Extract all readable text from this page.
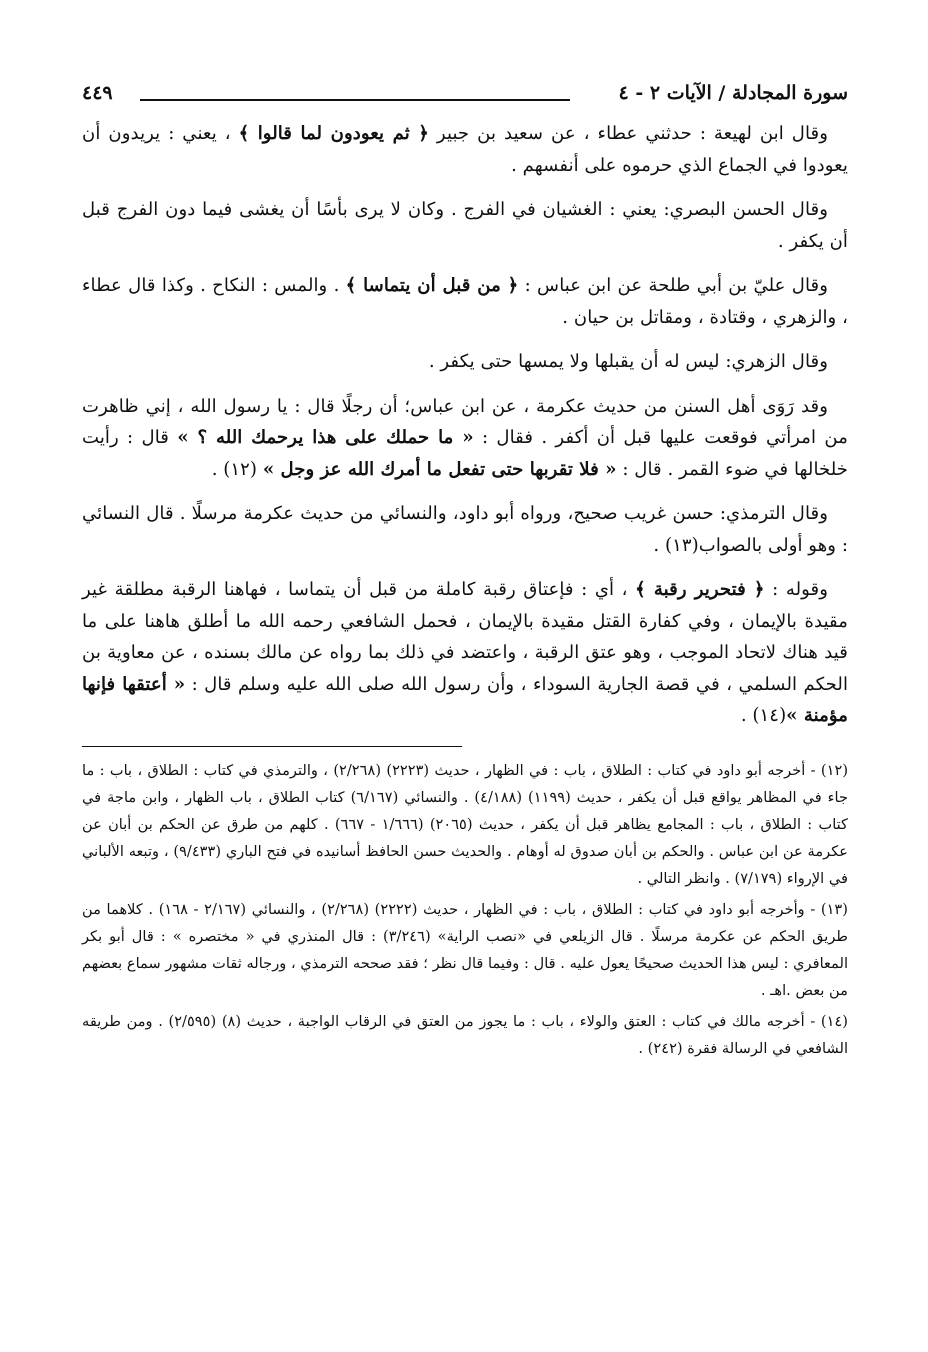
سورة المجادلة / الآيات ٢ - ٤
٤٤٩

وقال ابن لهيعة : حدثني عطاء ، عن سعيد بن جبير ﴿ ثم يعودون لما قالوا ﴾ ، يعني : يريدون أن يعودوا في الجماع الذي حرموه على أنفسهم .

وقال الحسن البصري: يعني : الغشيان في الفرج . وكان لا يرى بأسًا أن يغشى فيما دون الفرج قبل أن يكفر .

وقال عليّ بن أبي طلحة عن ابن عباس : ﴿ من قبل أن يتماسا ﴾ . والمس : النكاح . وكذا قال عطاء ، والزهري ، وقتادة ، ومقاتل بن حيان .

وقال الزهري: ليس له أن يقبلها ولا يمسها حتى يكفر .

وقد رَوَى أهل السنن من حديث عكرمة ، عن ابن عباس؛ أن رجلًا قال : يا رسول الله ، إني ظاهرت من امرأتي فوقعت عليها قبل أن أكفر . فقال : « ما حملك على هذا يرحمك الله ؟ » قال : رأيت خلخالها في ضوء القمر . قال : « فلا تقربها حتى تفعل ما أمرك الله عز وجل » (١٢) .

وقال الترمذي: حسن غريب صحيح، ورواه أبو داود، والنسائي من حديث عكرمة مرسلًا . قال النسائي : وهو أولى بالصواب(١٣) .

وقوله : ﴿ فتحرير رقبة ﴾ ، أي : فإعتاق رقبة كاملة من قبل أن يتماسا ، فهاهنا الرقبة مطلقة غير مقيدة بالإيمان ، وفي كفارة القتل مقيدة بالإيمان ، فحمل الشافعي رحمه الله ما أطلق هاهنا على ما قيد هناك لاتحاد الموجب ، وهو عتق الرقبة ، واعتضد في ذلك بما رواه عن مالك بسنده ، عن معاوية بن الحكم السلمي ، في قصة الجارية السوداء ، وأن رسول الله صلى الله عليه وسلم قال : « أعتقها فإنها مؤمنة »(١٤) .

(١٢) - أخرجه أبو داود في كتاب : الطلاق ، باب : في الظهار ، حديث (٢٢٢٣) (٢/٢٦٨) ، والترمذي في كتاب : الطلاق ، باب : ما جاء في المظاهر يواقع قبل أن يكفر ، حديث (١١٩٩) (٤/١٨٨) . والنسائي (٦/١٦٧) كتاب الطلاق ، باب الظهار ، وابن ماجة في كتاب : الطلاق ، باب : المجامع يظاهر قبل أن يكفر ، حديث (٢٠٦٥) (١/٦٦٦ - ٦٦٧) . كلهم من طرق عن الحكم بن أبان عن عكرمة عن ابن عباس . والحكم بن أبان صدوق له أوهام . والحديث حسن الحافظ أسانيده في فتح الباري (٩/٤٣٣) ، وتبعه الألباني في الإرواء (٧/١٧٩) . وانظر التالي .

(١٣) - وأخرجه أبو داود في كتاب : الطلاق ، باب : في الظهار ، حديث (٢٢٢٢) (٢/٢٦٨) ، والنسائي (٢/١٦٧ - ١٦٨) . كلاهما من طريق الحكم عن عكرمة مرسلًا . قال الزيلعي في «نصب الراية» (٣/٢٤٦) : قال المنذري في « مختصره » : قال أبو بكر المعافري : ليس هذا الحديث صحيحًا يعول عليه . قال : وفيما قال نظر ؛ فقد صححه الترمذي ، ورجاله ثقات مشهور سماع بعضهم من بعض .اهـ .

(١٤) - أخرجه مالك في كتاب : العتق والولاء ، باب : ما يجوز من العتق في الرقاب الواجبة ، حديث (٨) (٢/٥٩٥) . ومن طريقه الشافعي في الرسالة فقرة (٢٤٢) .
